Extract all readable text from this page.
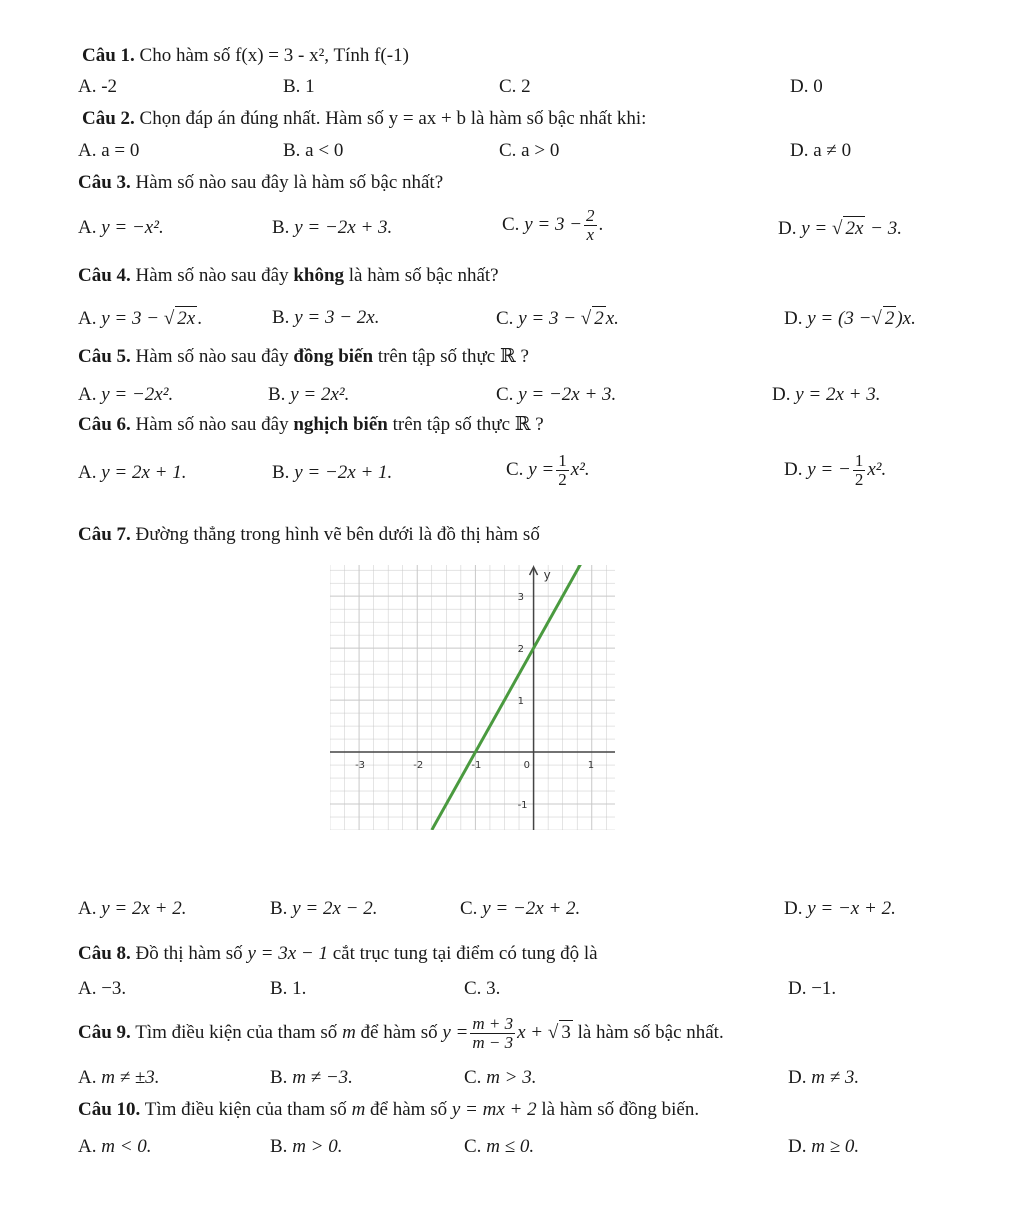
Câu 1. Cho hàm số f(x) = 3 - x², Tính f(-1)
A. -2	B. 1	C. 2	D. 0
Câu 2. Chọn đáp án đúng nhất. Hàm số y = ax + b là hàm số bậc nhất khi:
A. a = 0	B. a < 0	C. a > 0	D. a ≠ 0
Câu 3. Hàm số nào sau đây là hàm số bậc nhất?
A. y = −x².	B. y = −2x + 3.	C. $y = 3 - \frac{2}{x}$ .	D. y = √ 2x − 3.
Câu 4. Hàm số nào sau đây không là hàm số bậc nhất?
A. y = 3 − √ 2x .	B. y = 3 − 2x.	C. y = 3 − √ 2 x.	D. y = (3 −√ 2 )x.
Câu 5. Hàm số nào sau đây đồng biến trên tập số thực ℝ ?
A. y = −2x².	B. y = 2x².	C. y = −2x + 3.	D. y = 2x + 3.
Câu 6. Hàm số nào sau đây nghịch biến trên tập số thực ℝ ?
A. y = 2x + 1.	B. y = −2x + 1.	C. $y = \frac{1}{2} x^2$.	D. y = − $\frac{1}{2} x^2$.
Câu 7. Đường thẳng trong hình vẽ bên dưới là đồ thị hàm số
y
-3	-2	-1	0	1
3
2
1
-1
A. y = 2x + 2.	B. y = 2x − 2.	C. y = −2x + 2.	D. y = −x + 2.
Câu 8. Đồ thị hàm số y = 3x − 1 cắt trục tung tại điểm có tung độ là
A. −3.	B. 1.	C. 3.	D. −1.
Câu 9. Tìm điều kiện của tham số m để hàm số $y = \frac{m + 3}{m - 3}$ x + √ 3 là hàm số bậc nhất.
A. m ≠ ±3.	B. m ≠ −3.	C. m > 3.	D. m ≠ 3.
Câu 10. Tìm điều kiện của tham số m để hàm số y = mx + 2 là hàm số đồng biến.
A. m < 0.	B. m > 0.	C. m ≤ 0.	D. m ≥ 0.
